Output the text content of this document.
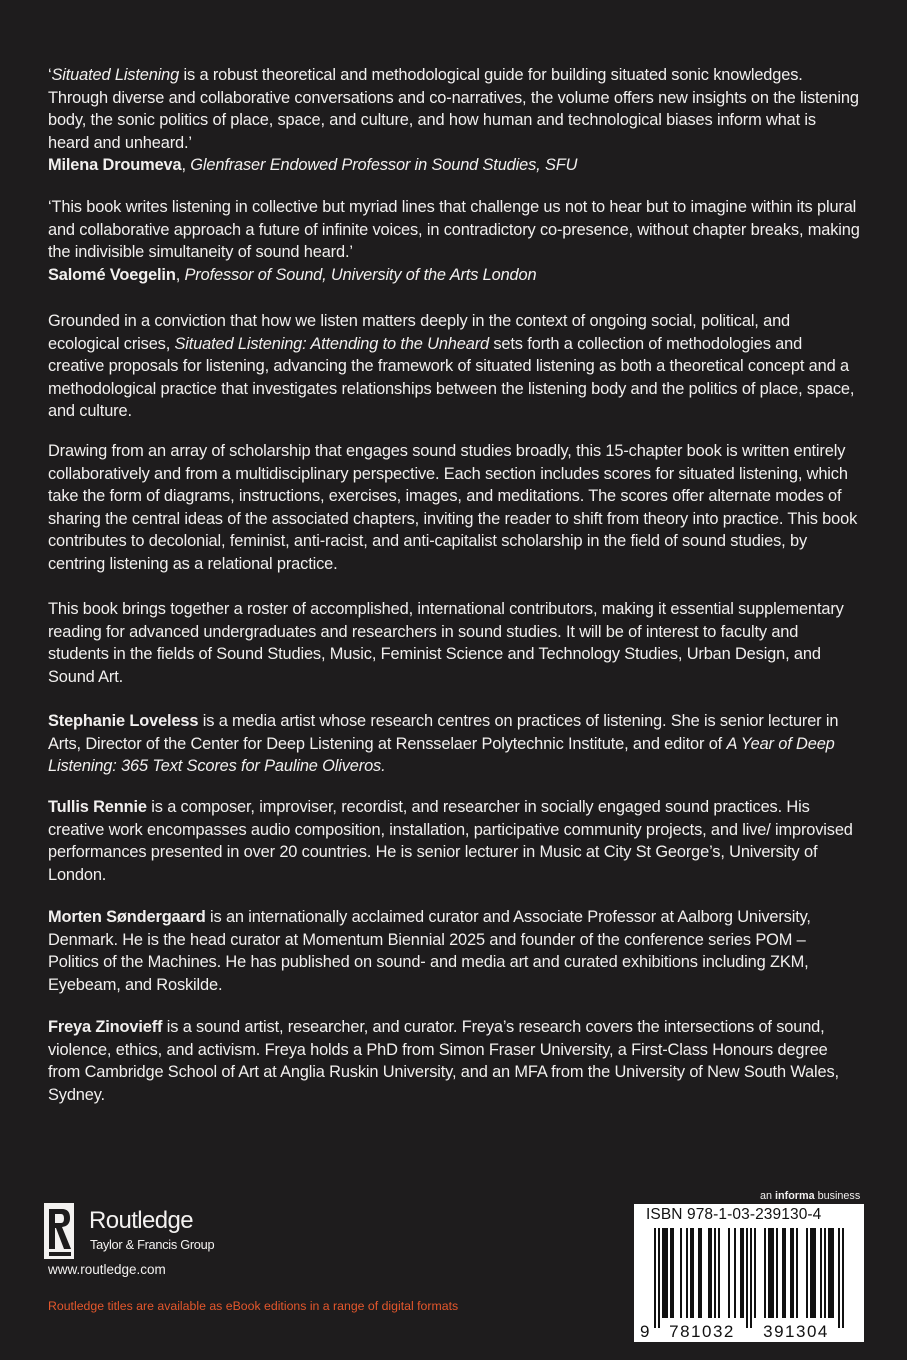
‘Situated Listening is a robust theoretical and methodological guide for building situated sonic knowledges. Through diverse and collaborative conversations and co-narratives, the volume offers new insights on the listening body, the sonic politics of place, space, and culture, and how human and technological biases inform what is heard and unheard.’

Milena Droumeva, Glenfraser Endowed Professor in Sound Studies, SFU

‘This book writes listening in collective but myriad lines that challenge us not to hear but to imagine within its plural and collaborative approach a future of infinite voices, in contradictory co-presence, without chapter breaks, making the indivisible simultaneity of sound heard.’

Salomé Voegelin, Professor of Sound, University of the Arts London

Grounded in a conviction that how we listen matters deeply in the context of ongoing social, political, and ecological crises, Situated Listening: Attending to the Unheard sets forth a collection of methodologies and creative proposals for listening, advancing the framework of situated listening as both a theoretical concept and a methodological practice that investigates relationships between the listening body and the politics of place, space, and culture.

Drawing from an array of scholarship that engages sound studies broadly, this 15-chapter book is written entirely collaboratively and from a multidisciplinary perspective. Each section includes scores for situated listening, which take the form of diagrams, instructions, exercises, images, and meditations. The scores offer alternate modes of sharing the central ideas of the associated chapters, inviting the reader to shift from theory into practice. This book contributes to decolonial, feminist, anti-racist, and anti-capitalist scholarship in the field of sound studies, by centring listening as a relational practice.

This book brings together a roster of accomplished, international contributors, making it essential supplementary reading for advanced undergraduates and researchers in sound studies. It will be of interest to faculty and students in the fields of Sound Studies, Music, Feminist Science and Technology Studies, Urban Design, and Sound Art.

Stephanie Loveless is a media artist whose research centres on practices of listening. She is senior lecturer in Arts, Director of the Center for Deep Listening at Rensselaer Polytechnic Institute, and editor of A Year of Deep Listening: 365 Text Scores for Pauline Oliveros.

Tullis Rennie is a composer, improviser, recordist, and researcher in socially engaged sound practices. His creative work encompasses audio composition, installation, participative community projects, and live/ improvised performances presented in over 20 countries. He is senior lecturer in Music at City St George’s, University of London.

Morten Søndergaard is an internationally acclaimed curator and Associate Professor at Aalborg University, Denmark. He is the head curator at Momentum Biennial 2025 and founder of the conference series POM – Politics of the Machines. He has published on sound- and media art and curated exhibitions including ZKM, Eyebeam, and Roskilde.

Freya Zinovieff is a sound artist, researcher, and curator. Freya’s research covers the intersections of sound, violence, ethics, and activism. Freya holds a PhD from Simon Fraser University, a First-Class Honours degree from Cambridge School of Art at Anglia Ruskin University, and an MFA from the University of New South Wales, Sydney.

Routledge
Taylor & Francis Group
www.routledge.com
Routledge titles are available as eBook editions in a range of digital formats
an informa business
ISBN 978-1-03-239130-4
9 781032 391304
